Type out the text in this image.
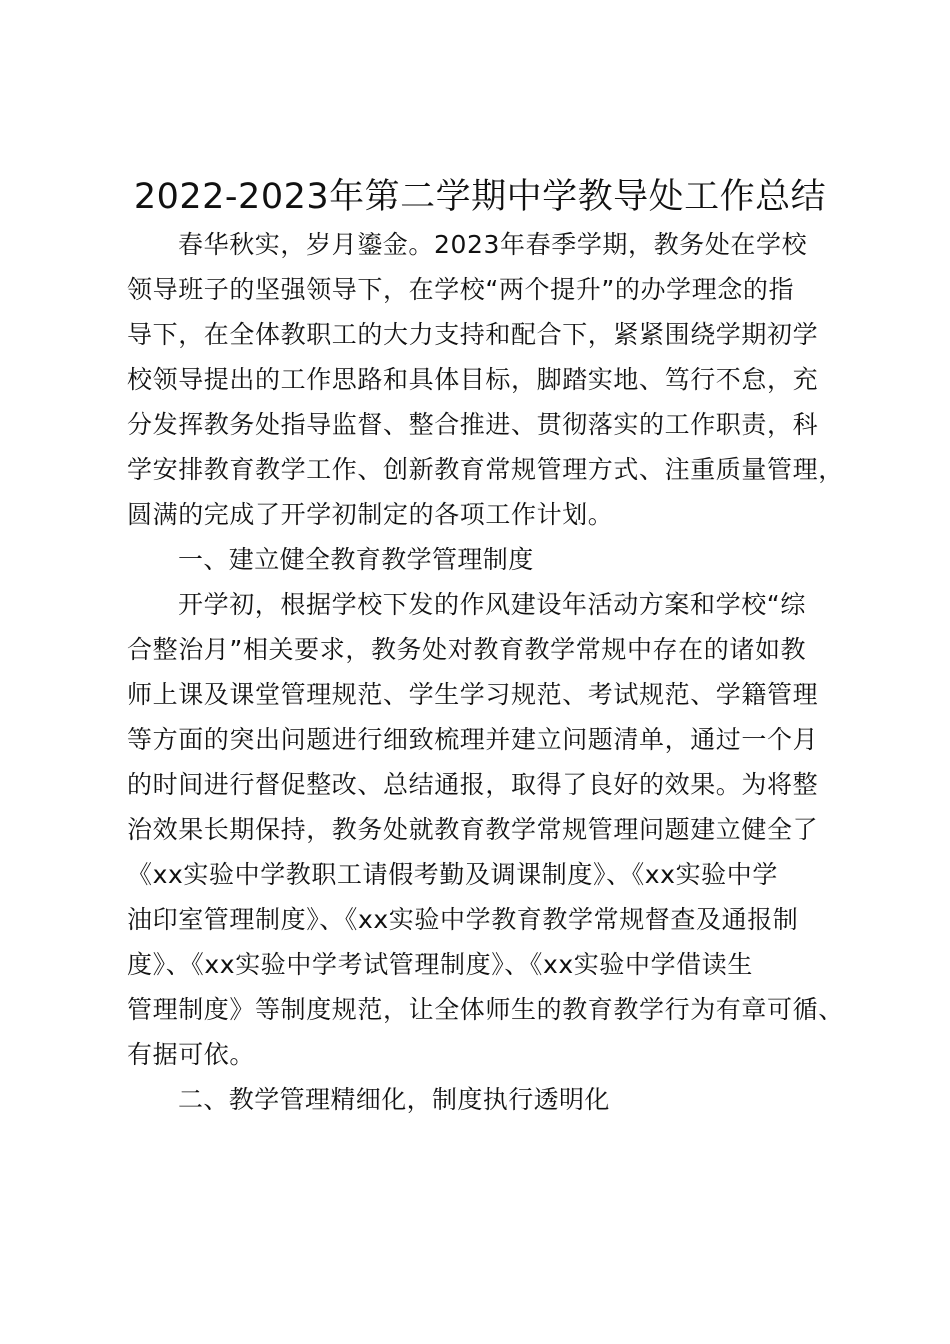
2022-2023年第二学期中学教导处工作总结
春华秋实，岁月鎏金。2023年春季学期，教务处在学校
领导班子的坚强领导下，在学校“两个提升”的办学理念的指
导下，在全体教职工的大力支持和配合下，紧紧围绕学期初学
校领导提出的工作思路和具体目标，脚踏实地、笃行不怠，充
分发挥教务处指导监督、整合推进、贯彻落实的工作职责，科
学安排教育教学工作、创新教育常规管理方式、注重质量管理，
圆满的完成了开学初制定的各项工作计划。
一、建立健全教育教学管理制度
开学初，根据学校下发的作风建设年活动方案和学校“综
合整治月”相关要求，教务处对教育教学常规中存在的诸如教
师上课及课堂管理规范、学生学习规范、考试规范、学籍管理
等方面的突出问题进行细致梳理并建立问题清单，通过一个月
的时间进行督促整改、总结通报，取得了良好的效果。为将整
治效果长期保持，教务处就教育教学常规管理问题建立健全了
《xx实验中学教职工请假考勤及调课制度》、《xx实验中学
油印室管理制度》、《xx实验中学教育教学常规督查及通报制
度》、《xx实验中学考试管理制度》、《xx实验中学借读生
管理制度》等制度规范，让全体师生的教育教学行为有章可循、
有据可依。
二、教学管理精细化，制度执行透明化
